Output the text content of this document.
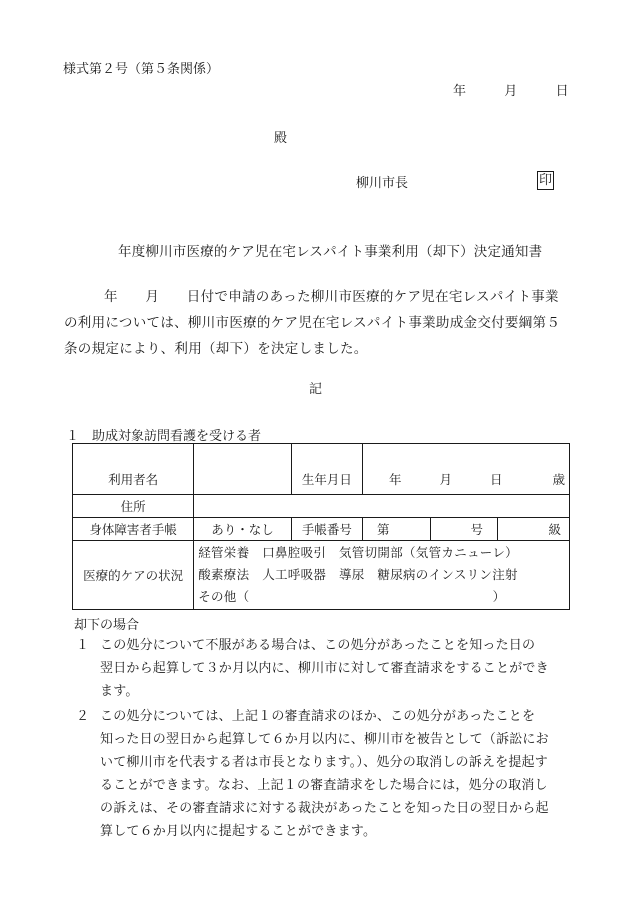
様式第２号（第５条関係）
年	月	日
殿
柳川市長	印
年度柳川市医療的ケア児在宅レスパイト事業利用（却下）決定通知書
年　　月　　日付で申請のあった柳川市医療的ケア児在宅レスパイト事業
の利用については、柳川市医療的ケア児在宅レスパイト事業助成金交付要綱第５
条の規定により、利用（却下）を決定しました。
記
１　助成対象訪問看護を受ける者
利用者名		生年月日	年 月 日 歳		

住所					
身体障害者手帳	あり・なし	手帳番号	第	号	級
医療的ケアの状況	経管栄養　口鼻腔吸引　気管切開部（気管カニューレ）
酸素療法　人工呼吸器　導尿　糖尿病のインスリン注射
その他（　　　　　　　　　　　　　　　　　　　）				
却下の場合
１ この処分について不服がある場合は、この処分があったことを知った日の
翌日から起算して３か月以内に、柳川市に対して審査請求をすることができ
ます。
２ この処分については、上記１の審査請求のほか、この処分があったことを
知った日の翌日から起算して６か月以内に、柳川市を被告として（訴訟にお
いて柳川市を代表する者は市長となります。）、処分の取消しの訴えを提起す
ることができます。なお、上記１の審査請求をした場合には，処分の取消し
の訴えは、その審査請求に対する裁決があったことを知った日の翌日から起
算して６か月以内に提起することができます。
